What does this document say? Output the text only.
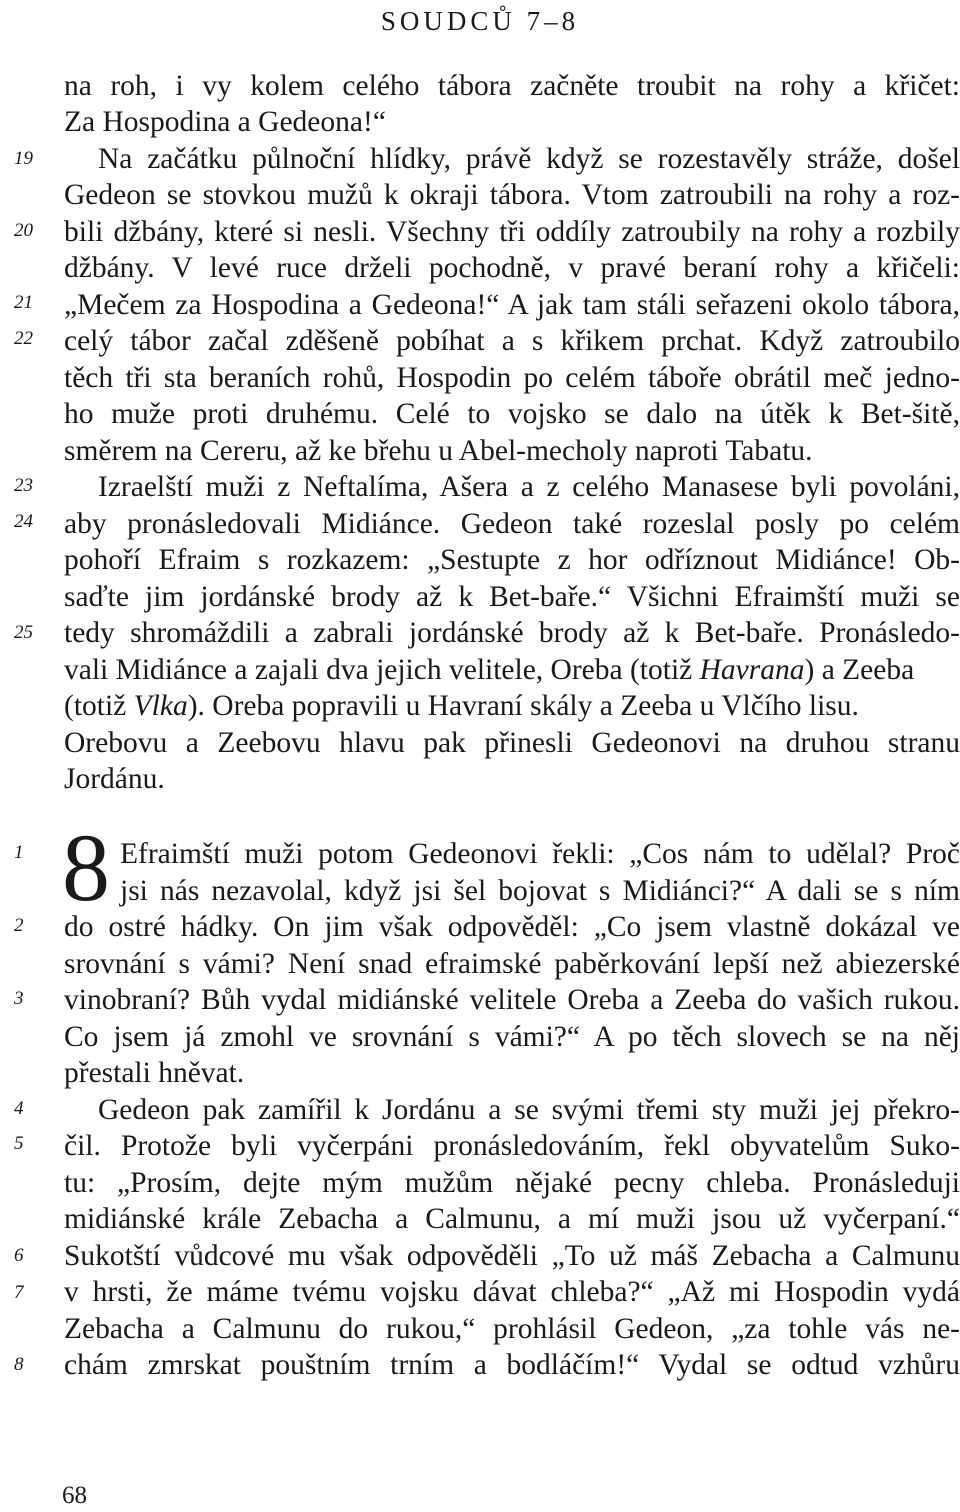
SOUDCŮ 7–8
19
20
21
22
23
24
25
1
2
3
4
5
6
7
8
na roh, i vy kolem celého tábora začněte troubit na rohy a křičet:
Za Hospodina a Gedeona!“
Na začátku půlnoční hlídky, právě když se rozestavěly stráže, došel
Gedeon se stovkou mužů k okraji tábora. Vtom zatroubili na rohy a roz-
bili džbány, které si nesli. Všechny tři oddíly zatroubily na rohy a rozbily
džbány. V levé ruce drželi pochodně, v pravé beraní rohy a křičeli:
„Mečem za Hospodina a Gedeona!“ A jak tam stáli seřazeni okolo tábora,
celý tábor začal zděšeně pobíhat a s křikem prchat. Když zatroubilo
těch tři sta beraních rohů, Hospodin po celém táboře obrátil meč jedno-
ho muže proti druhému. Celé to vojsko se dalo na útěk k Bet-šitě,
směrem na Cereru, až ke břehu u Abel-mecholy naproti Tabatu.
Izraelští muži z Neftalíma, Ašera a z celého Manasese byli povoláni,
aby pronásledovali Midiánce. Gedeon také rozeslal posly po celém
pohoří Efraim s rozkazem: „Sestupte z hor odříznout Midiánce! Ob-
saďte jim jordánské brody až k Bet-baře.“ Všichni Efraimští muži se
tedy shromáždili a zabrali jordánské brody až k Bet-baře. Pronásledo-
vali Midiánce a zajali dva jejich velitele, Oreba (totiž Havrana) a Zeeba
(totiž Vlka). Oreba popravili u Havraní skály a Zeeba u Vlčího lisu.
Orebovu a Zeebovu hlavu pak přinesli Gedeonovi na druhou stranu
Jordánu.
8 Efraimští muži potom Gedeonovi řekli: „Cos nám to udělal? Proč
jsi nás nezavolal, když jsi šel bojovat s Midiánci?“ A dali se s ním
do ostré hádky. On jim však odpověděl: „Co jsem vlastně dokázal ve
srovnání s vámi? Není snad efraimské paběrkování lepší než abiezerské
vinobraní? Bůh vydal midiánské velitele Oreba a Zeeba do vašich rukou.
Co jsem já zmohl ve srovnání s vámi?“ A po těch slovech se na něj
přestali hněvat.
Gedeon pak zamířil k Jordánu a se svými třemi sty muži jej překro-
čil. Protože byli vyčerpáni pronásledováním, řekl obyvatelům Suko-
tu: „Prosím, dejte mým mužům nějaké pecny chleba. Pronásleduji
midiánské krále Zebacha a Calmunu, a mí muži jsou už vyčerpaní.“
Sukotští vůdcové mu však odpověděli „To už máš Zebacha a Calmunu
v hrsti, že máme tvému vojsku dávat chleba?“ „Až mi Hospodin vydá
Zebacha a Calmunu do rukou,“ prohlásil Gedeon, „za tohle vás ne-
chám zmrskat pouštním trním a bodláčím!“ Vydal se odtud vzhůru
68
